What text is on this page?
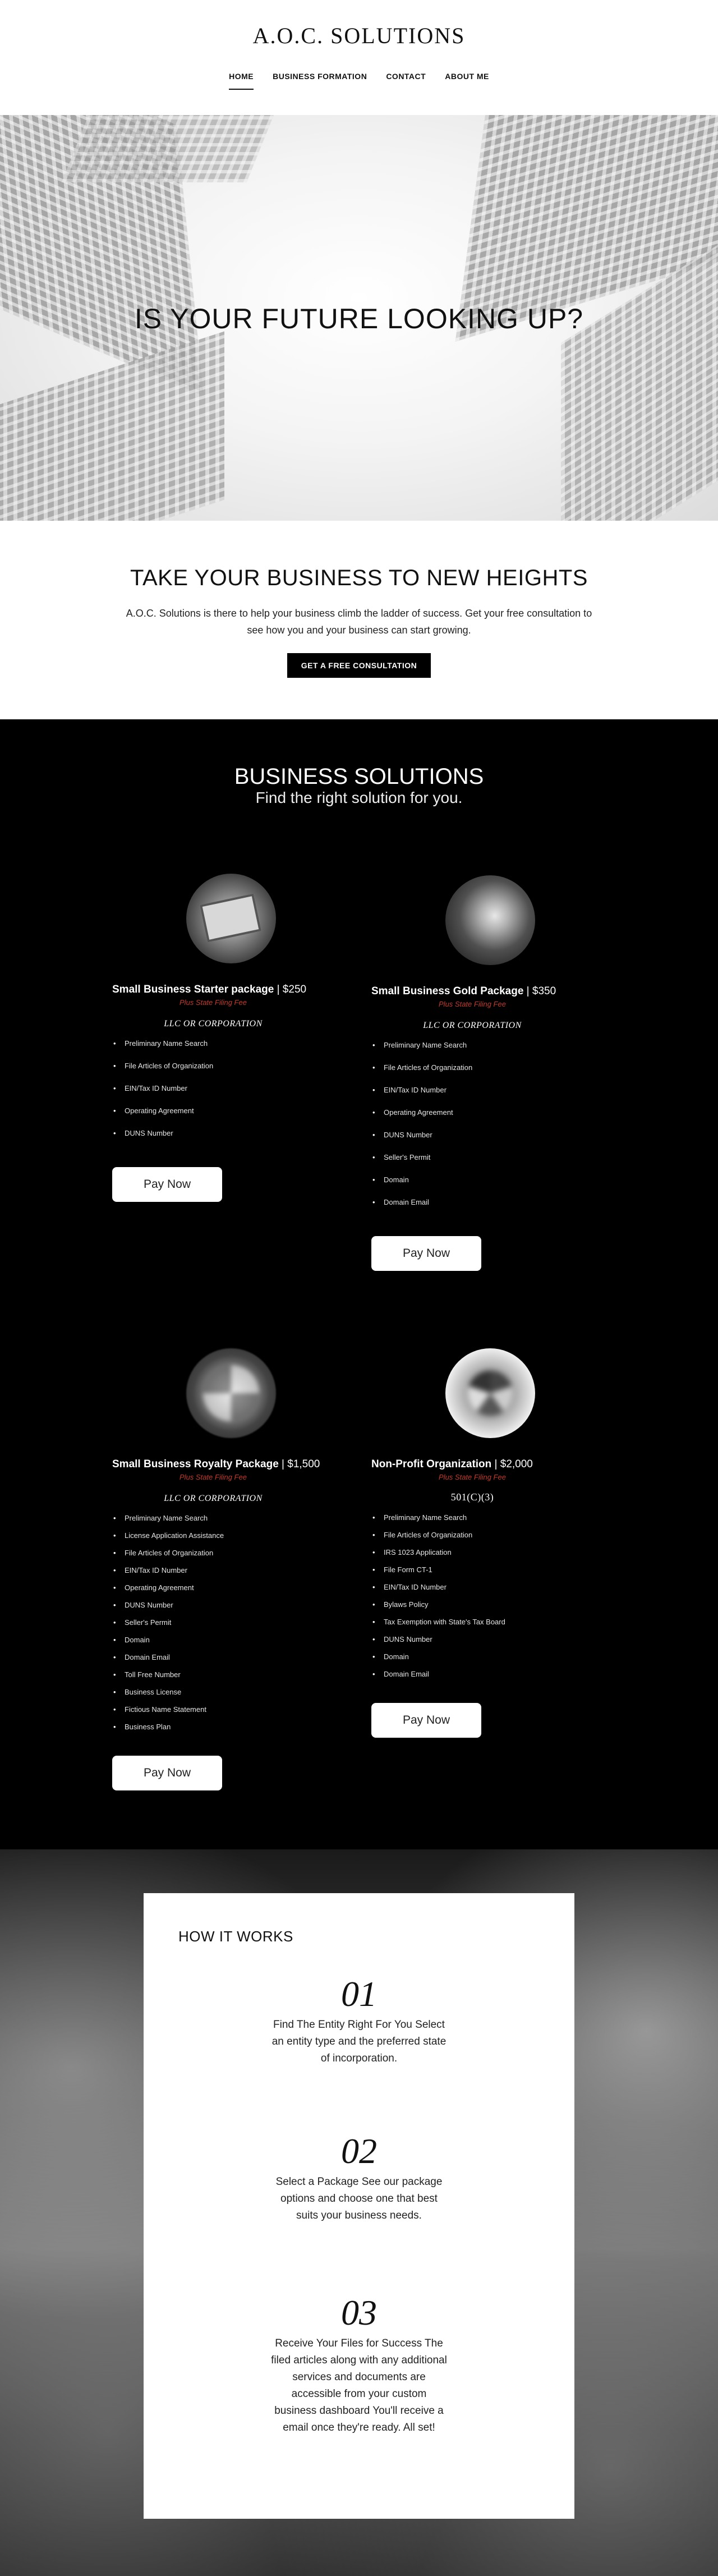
A.O.C. SOLUTIONS
HOME BUSINESS FORMATION CONTACT ABOUT ME
IS YOUR FUTURE LOOKING UP?
TAKE YOUR BUSINESS TO NEW HEIGHTS

A.O.C. Solutions is there to help your business climb the ladder of success. Get your free consultation to see how you and your business can start growing.

GET A FREE CONSULTATION
BUSINESS SOLUTIONS
Find the right solution for you.
Small Business Starter package | $250
Plus State Filing Fee
LLC OR CORPORATION
• Preliminary Name Search
• File Articles of Organization
• EIN/Tax ID Number
• Operating Agreement
• DUNS Number
Pay Now
Small Business Gold Package | $350
Plus State Filing Fee
LLC OR CORPORATION
• Preliminary Name Search
• File Articles of Organization
• EIN/Tax ID Number
• Operating Agreement
• DUNS Number
• Seller's Permit
• Domain
• Domain Email
Pay Now
Small Business Royalty Package | $1,500
Plus State Filing Fee
LLC OR CORPORATION
• Preliminary Name Search
• License Application Assistance
• File Articles of Organization
• EIN/Tax ID Number
• Operating Agreement
• DUNS Number
• Seller's Permit
• Domain
• Domain Email
• Toll Free Number
• Business License
• Fictious Name Statement
• Business Plan
Pay Now
Non-Profit Organization | $2,000
Plus State Filing Fee
501(C)(3)
• Preliminary Name Search
• File Articles of Organization
• IRS 1023 Application
• File Form CT-1
• EIN/Tax ID Number
• Bylaws Policy
• Tax Exemption with State's Tax Board
• DUNS Number
• Domain
• Domain Email
Pay Now
HOW IT WORKS
01
Find The Entity Right For You Select an entity type and the preferred state of incorporation.
02
Select a Package See our package options and choose one that best suits your business needs.
03
Receive Your Files for Success The filed articles along with any additional services and documents are accessible from your custom business dashboard You'll receive a email once they're ready. All set!
